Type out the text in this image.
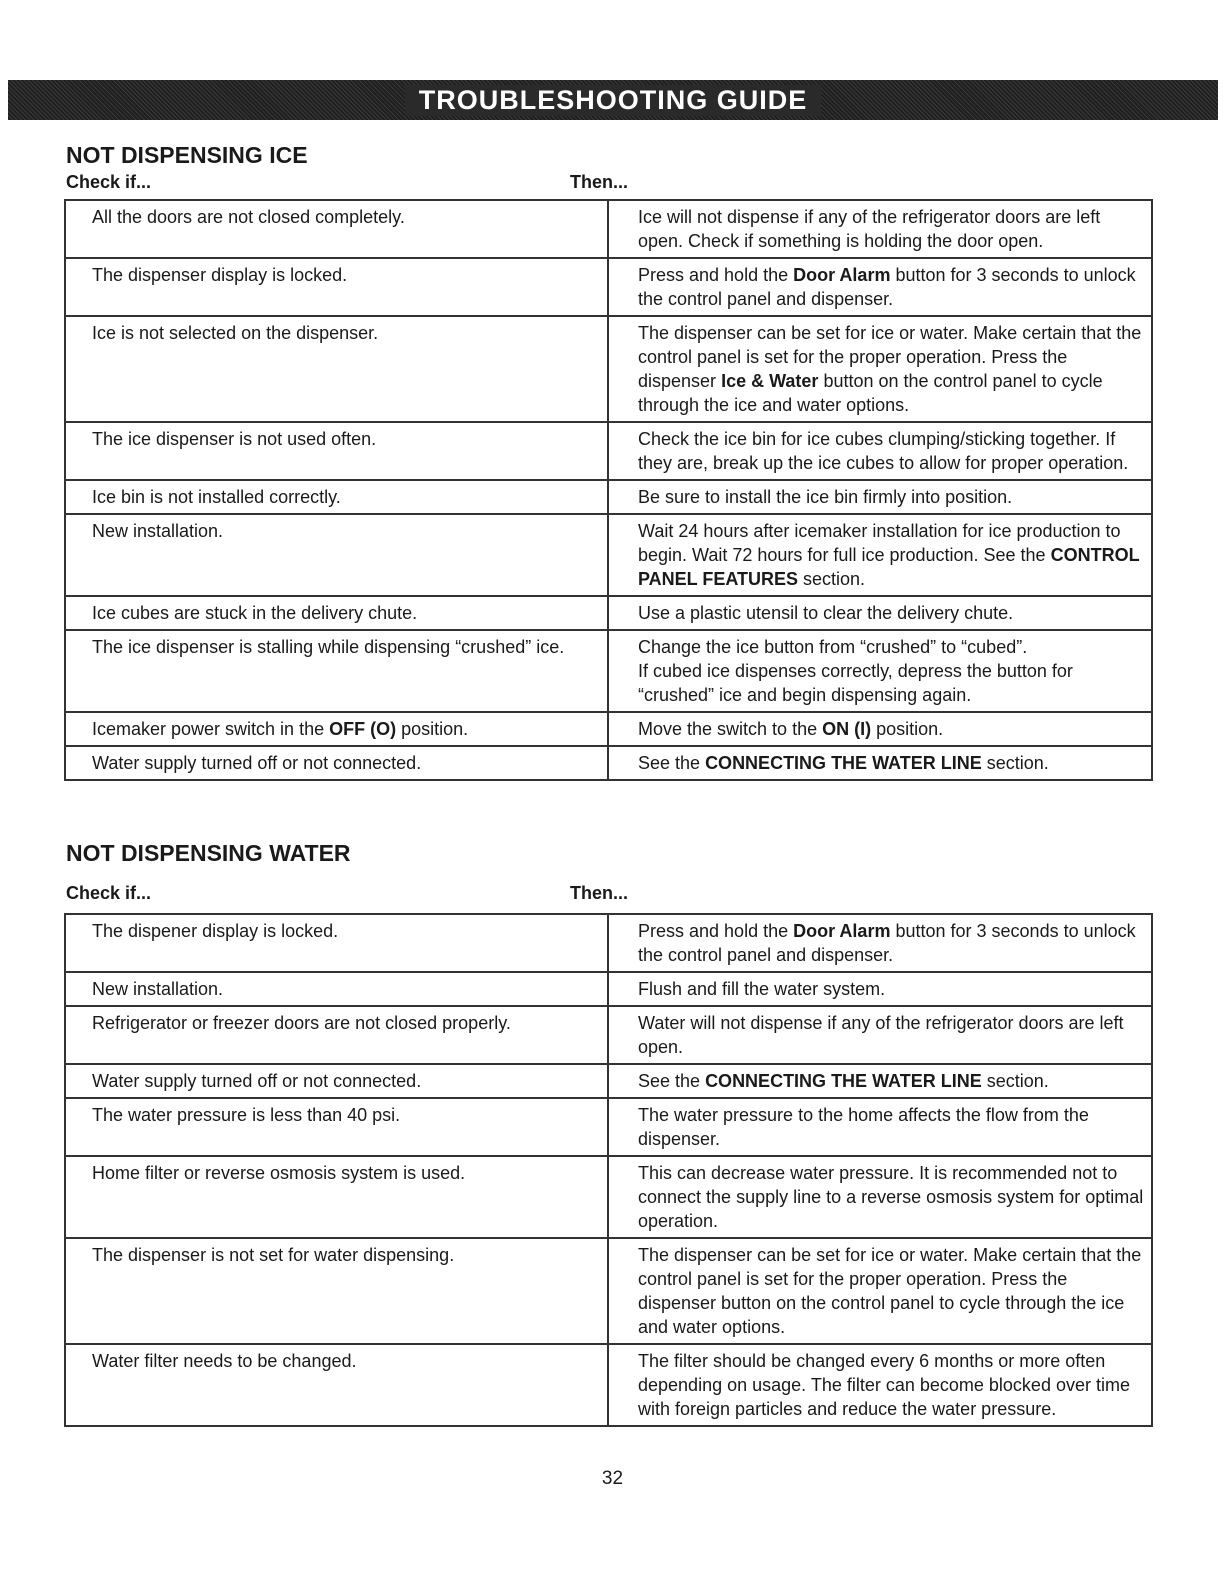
TROUBLESHOOTING GUIDE
NOT DISPENSING ICE
Check if...	Then...
All the doors are not closed completely.	Ice will not dispense if any of the refrigerator doors are left open. Check if something is holding the door open.
The dispenser display is locked.	Press and hold the Door Alarm button for 3 seconds to unlock the control panel and dispenser.
Ice is not selected on the dispenser.	The dispenser can be set for ice or water. Make certain that the control panel is set for the proper operation. Press the dispenser Ice & Water button on the control panel to cycle through the ice and water options.
The ice dispenser is not used often.	Check the ice bin for ice cubes clumping/sticking together. If they are, break up the ice cubes to allow for proper operation.
Ice bin is not installed correctly.	Be sure to install the ice bin firmly into position.
New installation.	Wait 24 hours after icemaker installation for ice production to begin. Wait 72 hours for full ice production. See the CONTROL PANEL FEATURES section.
Ice cubes are stuck in the delivery chute.	Use a plastic utensil to clear the delivery chute.
The ice dispenser is stalling while dispensing “crushed” ice.	Change the ice button from “crushed” to “cubed”.
If cubed ice dispenses correctly, depress the button for “crushed” ice and begin dispensing again.
Icemaker power switch in the OFF (O) position.	Move the switch to the ON (I) position.
Water supply turned off or not connected.	See the CONNECTING THE WATER LINE section.
NOT DISPENSING WATER
Check if...	Then...
The dispener display is locked.	Press and hold the Door Alarm button for 3 seconds to unlock the control panel and dispenser.
New installation.	Flush and fill the water system.
Refrigerator or freezer doors are not closed properly.	Water will not dispense if any of the refrigerator doors are left open.
Water supply turned off or not connected.	See the CONNECTING THE WATER LINE section.
The water pressure is less than 40 psi.	The water pressure to the home affects the flow from the dispenser.
Home filter or reverse osmosis system is used.	This can decrease water pressure. It is recommended not to connect the supply line to a reverse osmosis system for optimal operation.
The dispenser is not set for water dispensing.	The dispenser can be set for ice or water. Make certain that the control panel is set for the proper operation. Press the dispenser button on the control panel to cycle through the ice and water options.
Water filter needs to be changed.	The filter should be changed every 6 months or more often depending on usage. The filter can become blocked over time with foreign particles and reduce the water pressure.
32
